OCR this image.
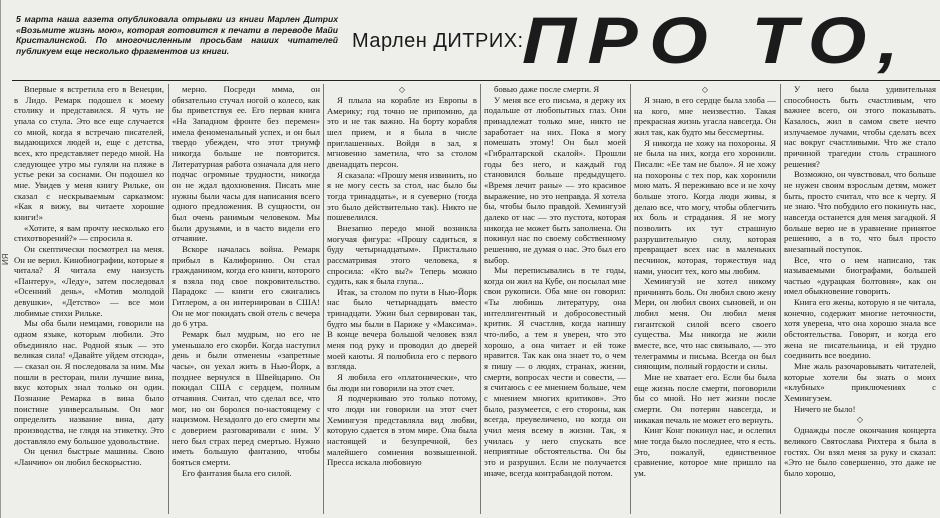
ИЯ

5 марта наша газета опубликовала отрывки из книги Марлен Дитрих «Возьмите жизнь мою», которая готовится к печати в переводе Майи Кристалинской. По многочисленным просьбам наших читателей публикуем еще несколько фрагментов из книги.	Марлен ДИТРИХ:
ПРО ТО,

Впервые я встретила его в Венеции, в Лидо. Ремарк подошел к моему столику и представился. Я чуть не упала со стула. Это все еще случается со мной, когда я встречаю писателей, выдающихся людей и, еще с детства, всех, кто представляет передо мной. На следующее утро мы гуляли на пляже в устье реки за соснами. Он подошел ко мне. Увидев у меня книгу Рильке, он сказал с нескрываемым сарказмом: «Как я вижу, вы читаете хорошие книги!»

«Хотите, я вам прочту несколько его стихотворений?» — спросила я.

Он скептически посмотрел на меня. Он не верил. Кинобиографии, которые я читала? Я читала ему наизусть «Пантеру», «Леду», затем последовал «Осенний день», «Мотив молодой девушки», «Детство» — все мои любимые стихи Рильке.

Мы оба были немцами, говорили на одном языке, которым любили. Это объединяло нас. Родной язык — это великая сила! «Давайте уйдем отсюда», — сказал он. Я последовала за ним. Мы пошли в ресторан, пили лучшие вина, вкус которых знал только он один. Познание Ремарка в вина было поистине универсальным. Он мог определить название вина, дату производства, не глядя на этикетку. Это доставляло ему большое удовольствие.

Он ценил быстрые машины. Свою «Ланчию» он любил бескорыстно.

мерно. Посреди ммма, он обязательно стучал ногой о колесо, как бы приветствуя ее. Его первая книга «На Западном фронте без перемен» имела феноменальный успех, и он был твердо убежден, что этот триумф никогда больше не повторится. Литературная работа означала для него подчас огромные трудности, никогда он не ждал вдохновения. Писать мне нужны были часы для написания всего одного предложения. В сущности, он был очень ранимым человеком. Мы были друзьями, и в часто видели его отчаяние.

Вскоре началась война. Ремарк прибыл в Калифорнию. Он стал гражданином, когда его книги, которого я взяла под свое покровительство. Парадокс — книги его сжигались Гитлером, а он интернирован в США! Он не мог покидать свой отель с вечера до 6 утра.

Ремарк был мудрым, но его не уменьшало его скорби. Когда наступил день и были отменены «запретные часы», он уехал жить в Нью-Йорк, а позднее вернулся в Швейцарию. Он покидал США с сердцем, полным отчаяния. Считал, что сделал все, что мог, но он боролся по-настоящему с нацизмом. Незадолго до его смерти мы с доверием разговаривали с ним. У него был страх перед смертью. Нужно иметь большую фантазию, чтобы бояться смерти.

Его фантазия была его силой.

◇

Я плыла на корабле из Европы в Америку; год точно не припомню, да это и не так важно. На борту корабля шел прием, и я была в числе приглашенных. Войдя в зал, я мгновенно заметила, что за столом двенадцать персон.

Я сказала: «Прошу меня извинить, но я не могу сесть за стол, нас было бы тогда тринадцать», и я суеверно (тогда это было действительно так). Никто не пошевелился.

Внезапно передо мной возникла могучая фигура: «Прошу садиться, я буду четырнадцатым». Пристально рассматривая этого человека, я спросила: «Кто вы?» Теперь можно судить, как я была глупа...

Итак, за столом по пути в Нью-Йорк нас было четырнадцать вместо тринадцати. Ужин был сервирован так, будто мы были в Париже у «Максима». В конце вечера большой человек взял меня под руку и проводил до дверей моей каюты. Я полюбила его с первого взгляда.

Я любила его «платонически», что бы люди ни говорили на этот счет.

Я подчеркиваю это только потому, что люди ни говорили на этот счет Хемингуэя представляла вид любви, которую сдается в этом мире. Она была настоящей и безупречной, без малейшего сомнения возвышенной. Пресса искала любовную

бовью даже после смерти. Я

У меня все его письма, я держу их подальше от любопытных глаз. Они принадлежат только мне, никто не заработает на них. Пока я могу помешать этому! Он был моей «Гибралтарской скалой». Прошли годы без него, и каждый год становился больше предыдущего. «Время лечит раны» — это красивое выражение, но это неправда. Я хотела бы, чтобы было правдой. Хемингуэй далеко от нас — это пустота, которая никогда не может быть заполнена. Он покинул нас по своему собственному решению, не думая о нас. Это был его выбор.

Мы переписывались в те годы, когда он жил на Кубе, он посылал мне свои рукописи. Оба мне он говорил: «Ты любишь литературу, она интеллигентный и добросовестный критик. Я счастлив, когда напишу что-либо, а тем я уверен, что это хорошо, а она читает и ей тоже нравится. Так как она знает то, о чем я пишу — о людях, странах, жизни, смерти, вопросах чести и совести, — я считаюсь с ее мнением больше, чем с мнением многих критиков». Это было, разумеется, с его стороны, как всегда, преувеличено, но когда он учил меня всему в жизни. Так, я училась у него спускать все неприятные обстоятельства. Он бы это и разрушил. Если не получается иначе, всегда контрабандой потом.

◇

Я знаю, в его сердце была злоба — на кого, мне неизвестно. Такая прекрасная жизнь угасла навсегда. Он жил так, как будто мы бессмертны.

Я никогда не хожу на похороны. Я не была на них, когда его хоронили. Писали: «Ее там не было». Я не хожу на похороны с тех пор, как хоронили мою мать. Я переживаю все и не хочу больше этого. Когда люди живы, я делаю все, что могу, чтобы облегчить их боль и страдания. Я не могу позволить их тут страшную разрушительную силу, которая превращает всех нас в маленьких песчинок, которая, торжествуя над нами, уносит тех, кого мы любим.

Хемингуэй не хотел никому причинять боль. Он любил свою жену Мери, он любил своих сыновей, и он любил меня. Он любил меня гигантской силой всего своего существа. Мы никогда не жили вместе, все, что нас связывало, — это телеграммы и письма. Всегда он был сияющим, полный гордости и силы.

Мне не хватает его. Если бы была еще жизнь после смерти, поговорили бы со мной. Но нет жизни после смерти. Он потерян навсегда, и никакая печаль не может его вернуть.

Кинг Конг покинул нас, и ослепил мне тогда было последнее, что я есть. Это, пожалуй, единственное сравнение, которое мне пришло на ум.

У него была удивительная способность быть счастливым, что важнее всего, он этого показывать. Казалось, жил в самом свете нечто излучаемое лучами, чтобы сделать всех нас вокруг счастливыми. Что же стало причиной трагедии столь страшного решения?

Возможно, он чувствовал, что больше не нужен своим взрослым детям, может быть, просто считал, что все к черту. Я не знаю. Что побудило его покинуть нас, навсегда останется для меня загадкой. Я больше верю не в уравнение принятое решению, а в то, что был просто внезапный поступок.

Все, что о нем написано, так называемыми биографами, большей частью «дурацкая болтовня», как он имел обыкновение говорить.

Книга его жены, которую я не читала, конечно, содержит многие неточности, хотя уверена, что она хорошо знала все обстоятельства. Говорят, и когда его жена не писательница, и ей трудно соединить все воедино.

Мне жаль разочаровывать читателей, которые хотели бы знать о моих «клубных» приключениях с Хемингуэем.

Ничего не было!

◇

Однажды после окончания концерта великого Святослава Рихтера я была в гостях. Он взял меня за руку и сказал: «Это не было совершенно, это даже не было хорошо,
